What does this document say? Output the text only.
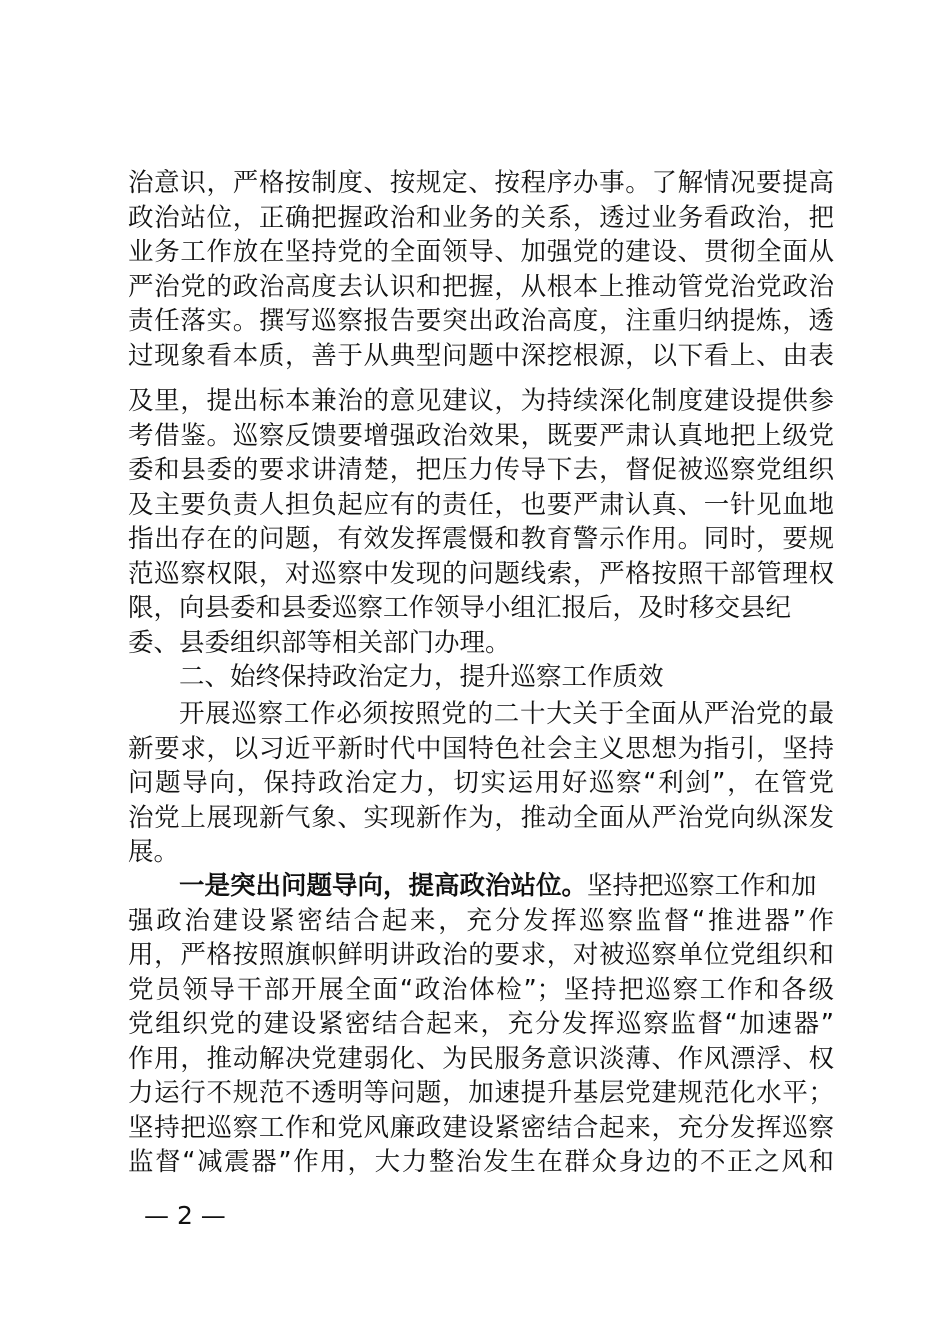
治意识，严格按制度、按规定、按程序办事。了解情况要提高
政治站位，正确把握政治和业务的关系，透过业务看政治，把
业务工作放在坚持党的全面领导、加强党的建设、贯彻全面从
严治党的政治高度去认识和把握，从根本上推动管党治党政治
责任落实。撰写巡察报告要突出政治高度，注重归纳提炼，透
过现象看本质，善于从典型问题中深挖根源，以下看上、由表
及里，提出标本兼治的意见建议，为持续深化制度建设提供参
考借鉴。巡察反馈要增强政治效果，既要严肃认真地把上级党
委和县委的要求讲清楚，把压力传导下去，督促被巡察党组织
及主要负责人担负起应有的责任，也要严肃认真、一针见血地
指出存在的问题，有效发挥震慑和教育警示作用。同时，要规
范巡察权限，对巡察中发现的问题线索，严格按照干部管理权
限，向县委和县委巡察工作领导小组汇报后，及时移交县纪
委、县委组织部等相关部门办理。
二、始终保持政治定力，提升巡察工作质效
开展巡察工作必须按照党的二十大关于全面从严治党的最
新要求，以习近平新时代中国特色社会主义思想为指引，坚持
问题导向，保持政治定力，切实运用好巡察“利剑”，在管党
治党上展现新气象、实现新作为，推动全面从严治党向纵深发
展。
一是突出问题导向，提高政治站位。坚持把巡察工作和加
强政治建设紧密结合起来，充分发挥巡察监督“推进器”作
用，严格按照旗帜鲜明讲政治的要求，对被巡察单位党组织和
党员领导干部开展全面“政治体检”；坚持把巡察工作和各级
党组织党的建设紧密结合起来，充分发挥巡察监督“加速器”
作用，推动解决党建弱化、为民服务意识淡薄、作风漂浮、权
力运行不规范不透明等问题，加速提升基层党建规范化水平；
坚持把巡察工作和党风廉政建设紧密结合起来，充分发挥巡察
监督“减震器”作用，大力整治发生在群众身边的不正之风和
— 2 —
